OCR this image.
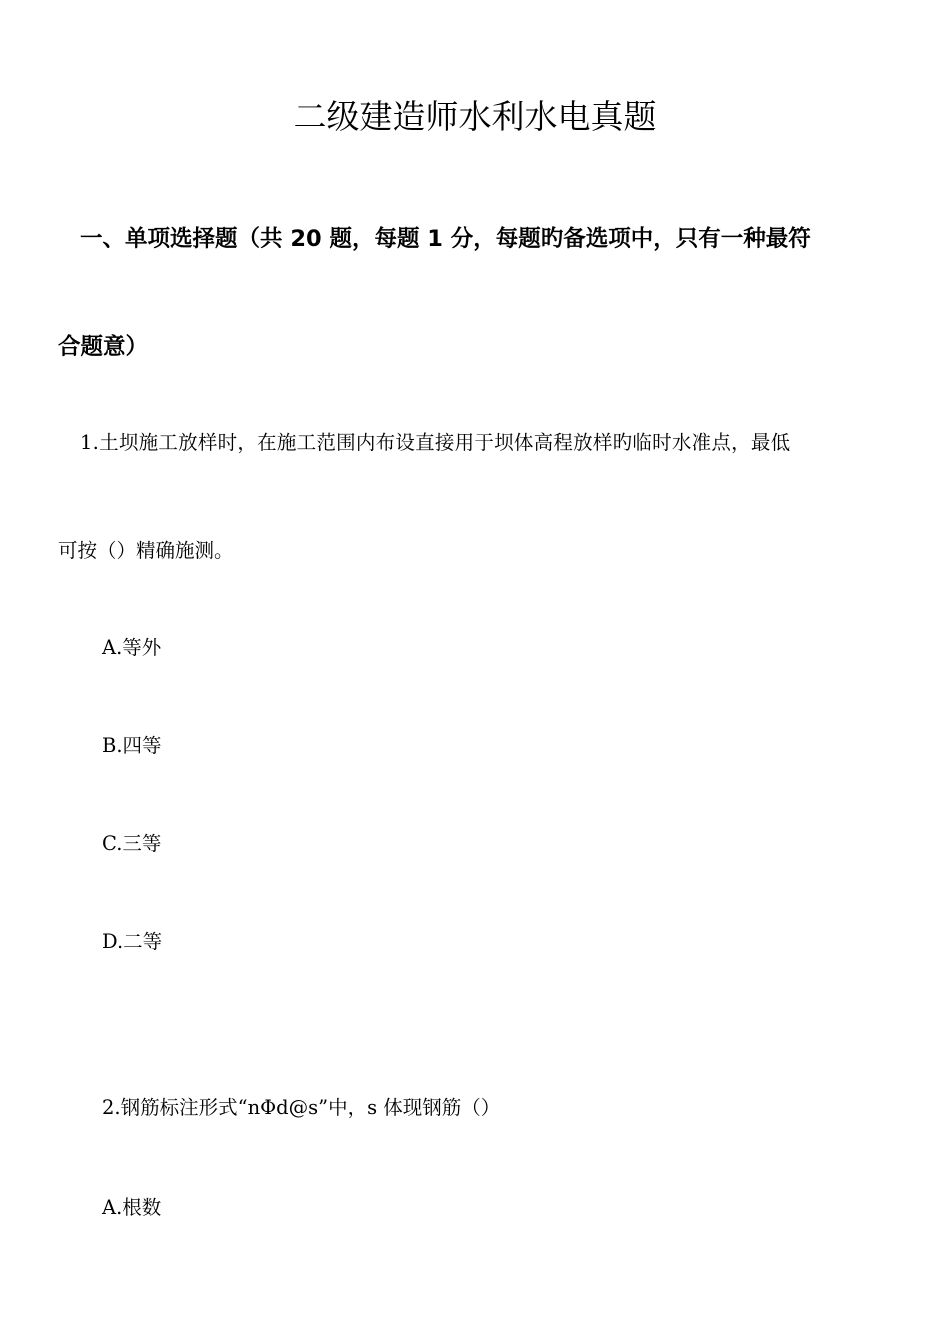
二级建造师水利水电真题
一、单项选择题（共 20 题，每题 1 分，每题旳备选项中，只有一种最符
合题意）
1.土坝施工放样时，在施工范围内布设直接用于坝体高程放样旳临时水准点，最低
可按（）精确施测。
A.等外
B.四等
C.三等
D.二等
2.钢筋标注形式“nΦd@s”中，s 体现钢筋（）
A.根数
